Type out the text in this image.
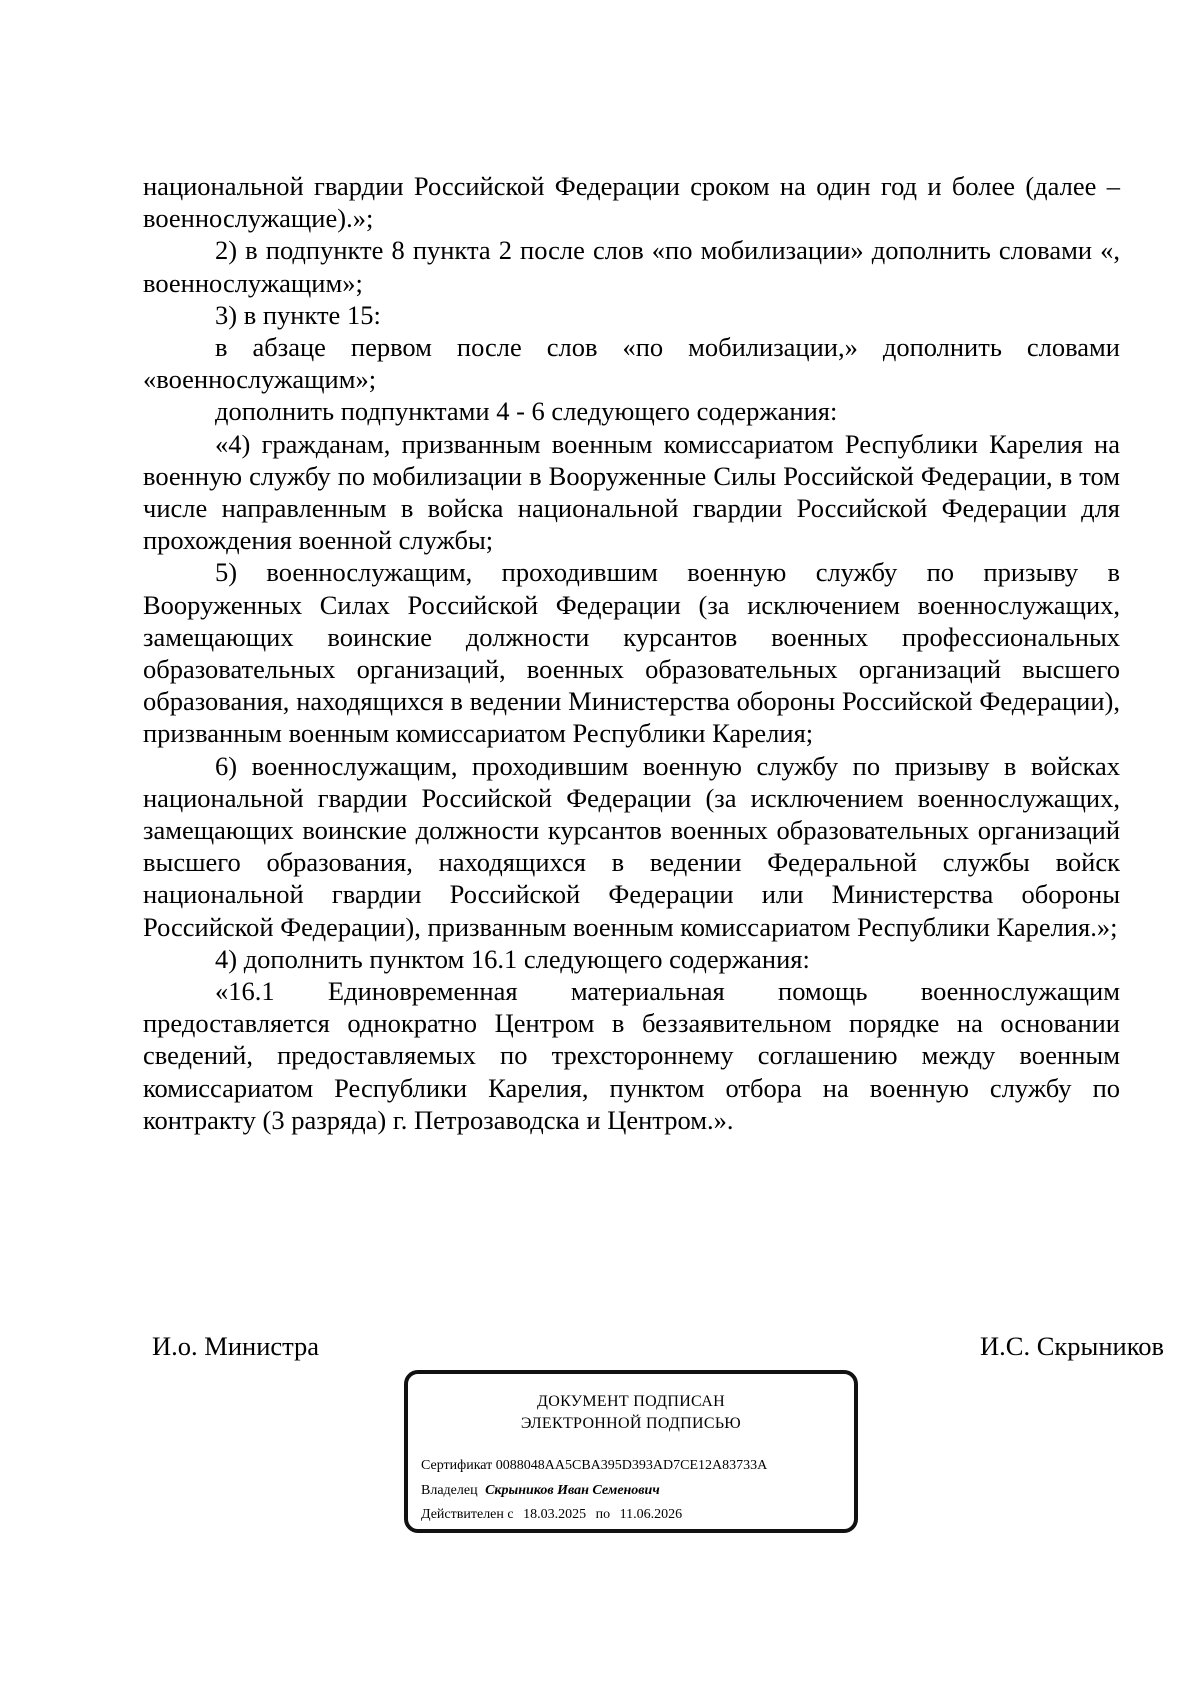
национальной гвардии Российской Федерации сроком на один год и более (далее – военнослужащие).»;

2) в подпункте 8 пункта 2 после слов «по мобилизации» дополнить словами «, военнослужащим»;

3) в пункте 15:

в абзаце первом после слов «по мобилизации,» дополнить словами «военнослужащим»;

дополнить подпунктами 4 - 6 следующего содержания:

«4) гражданам, призванным военным комиссариатом Республики Карелия на военную службу по мобилизации в Вооруженные Силы Российской Федерации, в том числе направленным в войска национальной гвардии Российской Федерации для прохождения военной службы;

5) военнослужащим, проходившим военную службу по призыву в Вооруженных Силах Российской Федерации (за исключением военнослужащих, замещающих воинские должности курсантов военных профессиональных образовательных организаций, военных образовательных организаций высшего образования, находящихся в ведении Министерства обороны Российской Федерации), призванным военным комиссариатом Республики Карелия;

6) военнослужащим, проходившим военную службу по призыву в войсках национальной гвардии Российской Федерации (за исключением военнослужащих, замещающих воинские должности курсантов военных образовательных организаций высшего образования, находящихся в ведении Федеральной службы войск национальной гвардии Российской Федерации или Министерства обороны Российской Федерации), призванным военным комиссариатом Республики Карелия.»;

4) дополнить пунктом 16.1 следующего содержания:

«16.1 Единовременная материальная помощь военнослужащим предоставляется однократно Центром в беззаявительном порядке на основании сведений, предоставляемых по трехстороннему соглашению между военным комиссариатом Республики Карелия, пунктом отбора на военную службу по контракту (3 разряда) г. Петрозаводска и Центром.».

И.о. Министра	И.С. Скрыников
ДОКУМЕНТ ПОДПИСАН
ЭЛЕКТРОННОЙ ПОДПИСЬЮ
Сертификат 0088048AA5CBA395D393AD7CE12A83733A
Владелец Скрыников Иван Семенович
Действителен с 18.03.2025 по 11.06.2026
